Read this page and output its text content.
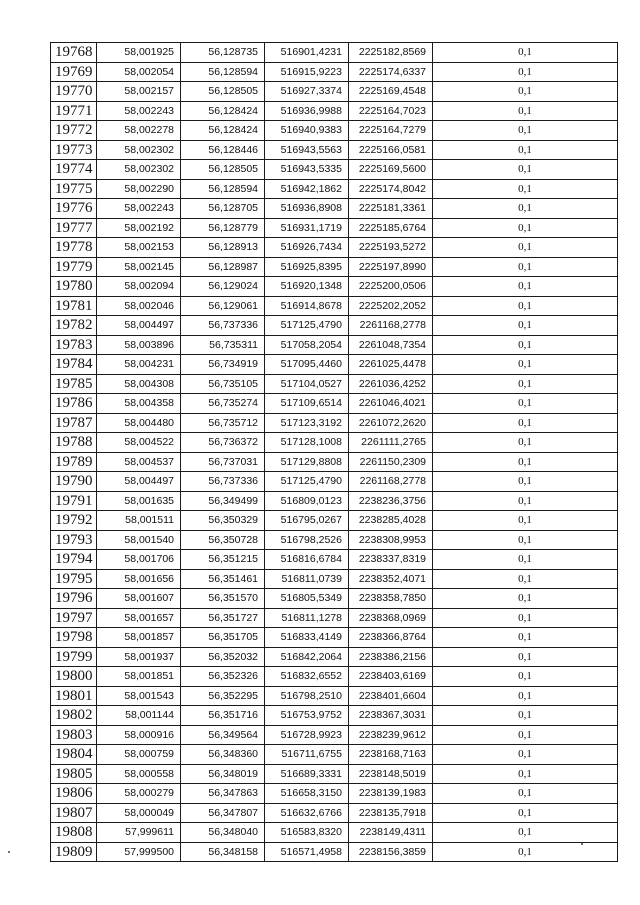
19768	58,001925	56,128735	516901,4231	2225182,8569	0,1
19769	58,002054	56,128594	516915,9223	2225174,6337	0,1
19770	58,002157	56,128505	516927,3374	2225169,4548	0,1
19771	58,002243	56,128424	516936,9988	2225164,7023	0,1
19772	58,002278	56,128424	516940,9383	2225164,7279	0,1
19773	58,002302	56,128446	516943,5563	2225166,0581	0,1
19774	58,002302	56,128505	516943,5335	2225169,5600	0,1
19775	58,002290	56,128594	516942,1862	2225174,8042	0,1
19776	58,002243	56,128705	516936,8908	2225181,3361	0,1
19777	58,002192	56,128779	516931,1719	2225185,6764	0,1
19778	58,002153	56,128913	516926,7434	2225193,5272	0,1
19779	58,002145	56,128987	516925,8395	2225197,8990	0,1
19780	58,002094	56,129024	516920,1348	2225200,0506	0,1
19781	58,002046	56,129061	516914,8678	2225202,2052	0,1
19782	58,004497	56,737336	517125,4790	2261168,2778	0,1
19783	58,003896	56,735311	517058,2054	2261048,7354	0,1
19784	58,004231	56,734919	517095,4460	2261025,4478	0,1
19785	58,004308	56,735105	517104,0527	2261036,4252	0,1
19786	58,004358	56,735274	517109,6514	2261046,4021	0,1
19787	58,004480	56,735712	517123,3192	2261072,2620	0,1
19788	58,004522	56,736372	517128,1008	2261111,2765	0,1
19789	58,004537	56,737031	517129,8808	2261150,2309	0,1
19790	58,004497	56,737336	517125,4790	2261168,2778	0,1
19791	58,001635	56,349499	516809,0123	2238236,3756	0,1
19792	58,001511	56,350329	516795,0267	2238285,4028	0,1
19793	58,001540	56,350728	516798,2526	2238308,9953	0,1
19794	58,001706	56,351215	516816,6784	2238337,8319	0,1
19795	58,001656	56,351461	516811,0739	2238352,4071	0,1
19796	58,001607	56,351570	516805,5349	2238358,7850	0,1
19797	58,001657	56,351727	516811,1278	2238368,0969	0,1
19798	58,001857	56,351705	516833,4149	2238366,8764	0,1
19799	58,001937	56,352032	516842,2064	2238386,2156	0,1
19800	58,001851	56,352326	516832,6552	2238403,6169	0,1
19801	58,001543	56,352295	516798,2510	2238401,6604	0,1
19802	58,001144	56,351716	516753,9752	2238367,3031	0,1
19803	58,000916	56,349564	516728,9923	2238239,9612	0,1
19804	58,000759	56,348360	516711,6755	2238168,7163	0,1
19805	58,000558	56,348019	516689,3331	2238148,5019	0,1
19806	58,000279	56,347863	516658,3150	2238139,1983	0,1
19807	58,000049	56,347807	516632,6766	2238135,7918	0,1
19808	57,999611	56,348040	516583,8320	2238149,4311	0,1
19809	57,999500	56,348158	516571,4958	2238156,3859	0,1
